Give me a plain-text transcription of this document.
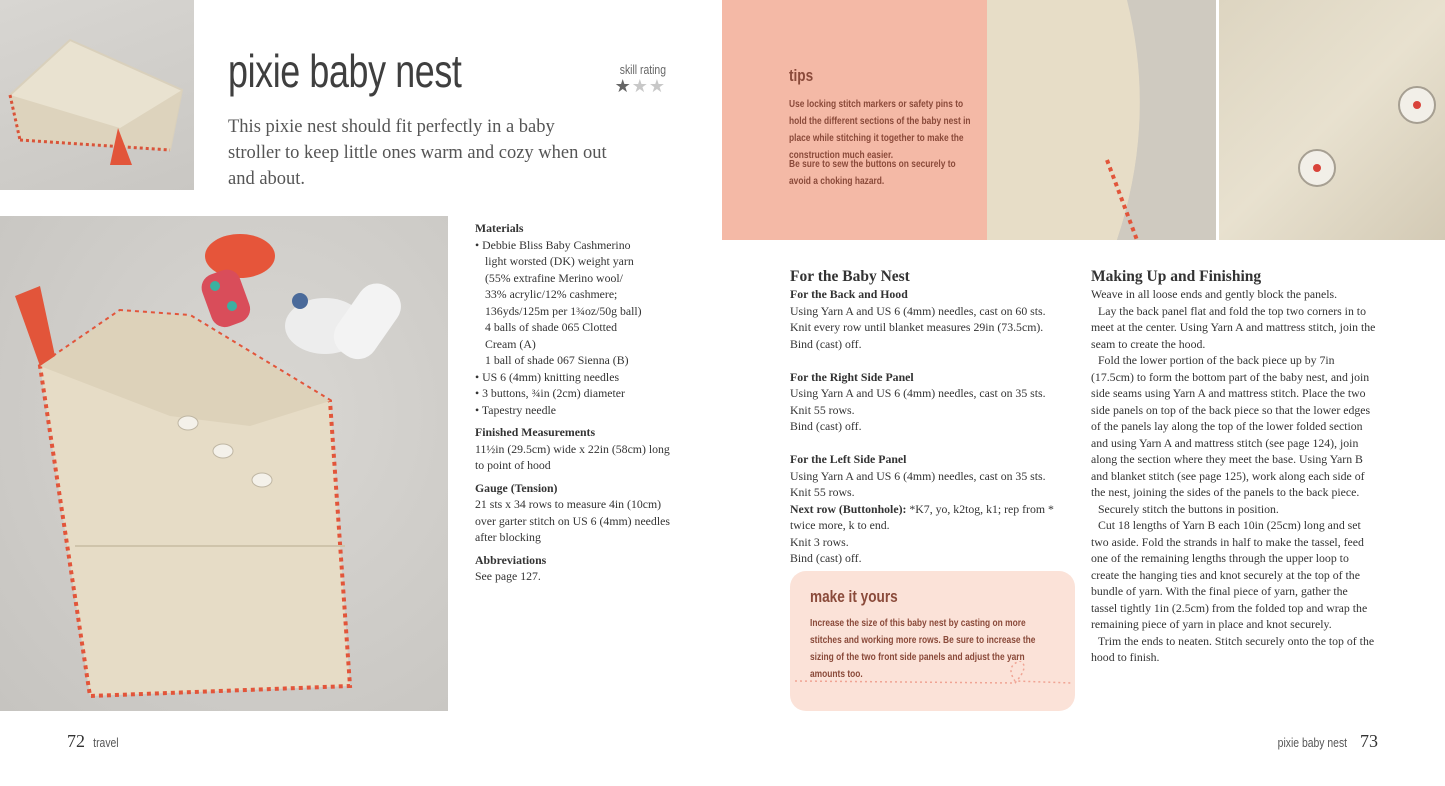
pixie baby nest	skill rating
★★★

This pixie nest should fit perfectly in a baby stroller to keep little ones warm and cozy when out and about.

Materials
• Debbie Bliss Baby Cashmerino
light worsted (DK) weight yarn
(55% extrafine Merino wool/
33% acrylic/12% cashmere;
136yds/125m per 1¾oz/50g ball)
4 balls of shade 065 Clotted
Cream (A)
1 ball of shade 067 Sienna (B)
• US 6 (4mm) knitting needles
• 3 buttons, ¾in (2cm) diameter
• Tapestry needle
Finished Measurements
11½in (29.5cm) wide x 22in (58cm) long to point of hood
Gauge (Tension)
21 sts x 34 rows to measure 4in (10cm) over garter stitch on US 6 (4mm) needles after blocking
Abbreviations
See page 127.
tips

Use locking stitch markers or safety pins to hold the different sections of the baby nest in place while stitching it together to make the construction much easier.

Be sure to sew the buttons on securely to avoid a choking hazard.

For the Baby Nest
For the Back and Hood
Using Yarn A and US 6 (4mm) needles, cast on 60 sts.
Knit every row until blanket measures 29in (73.5cm).
Bind (cast) off.
For the Right Side Panel
Using Yarn A and US 6 (4mm) needles, cast on 35 sts.
Knit 55 rows.
Bind (cast) off.
For the Left Side Panel
Using Yarn A and US 6 (4mm) needles, cast on 35 sts.
Knit 55 rows.
Next row (Buttonhole): *K7, yo, k2tog, k1; rep from * twice more, k to end.
Knit 3 rows.
Bind (cast) off.
make it yours

Increase the size of this baby nest by casting on more stitches and working more rows. Be sure to increase the sizing of the two front side panels and adjust the yarn amounts too.

Making Up and Finishing
Weave in all loose ends and gently block the panels.
Lay the back panel flat and fold the top two corners in to meet at the center. Using Yarn A and mattress stitch, join the seam to create the hood.
Fold the lower portion of the back piece up by 7in (17.5cm) to form the bottom part of the baby nest, and join side seams using Yarn A and mattress stitch. Place the two side panels on top of the back piece so that the lower edges of the panels lay along the top of the lower folded section and using Yarn A and mattress stitch (see page 124), join along the section where they meet the base. Using Yarn B and blanket stitch (see page 125), work along each side of the nest, joining the sides of the panels to the back piece.
Securely stitch the buttons in position.
Cut 18 lengths of Yarn B each 10in (25cm) long and set two aside. Fold the strands in half to make the tassel, feed one of the remaining lengths through the upper loop to create the hanging ties and knot securely at the top of the bundle of yarn. With the final piece of yarn, gather the tassel tightly 1in (2.5cm) from the folded top and wrap the remaining piece of yarn in place and knot securely.
Trim the ends to neaten. Stitch securely onto the top of the hood to finish.
72 travel	pixie baby nest 73
